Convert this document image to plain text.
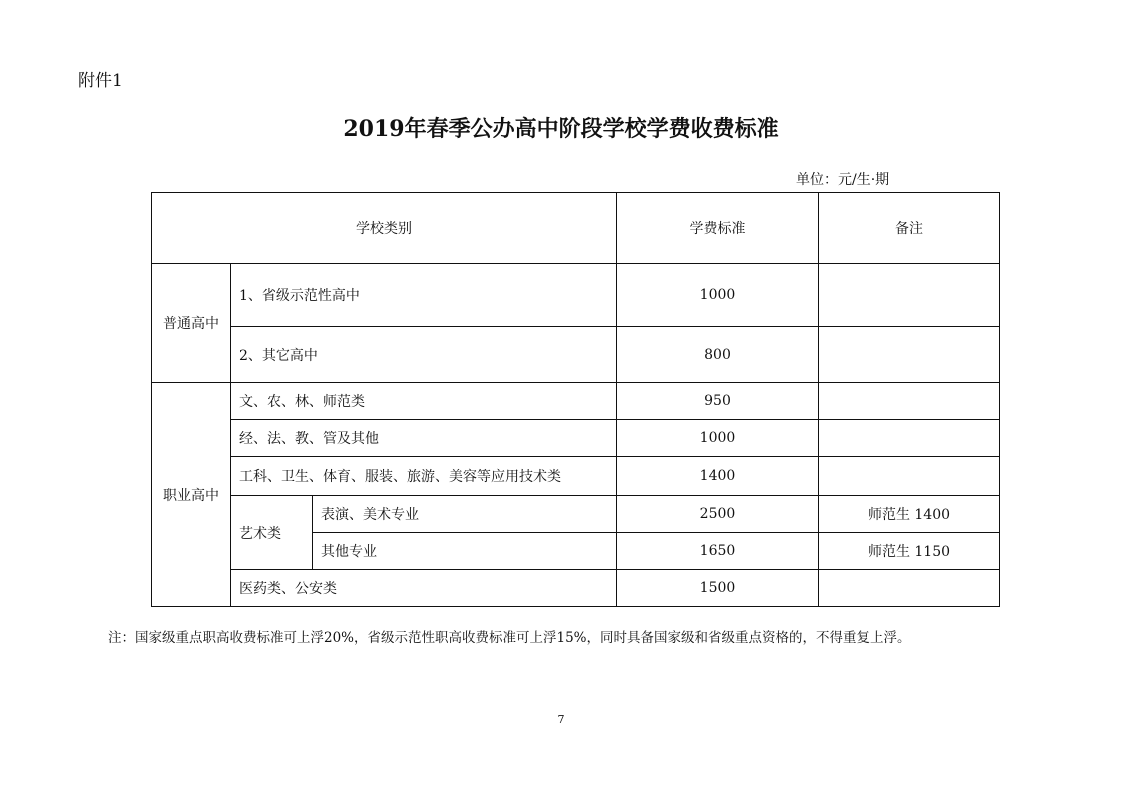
附件1
2019年春季公办高中阶段学校学费收费标准
单位：元/生·期
学校类别			学费标准	备注
普通高中	1、省级示范性高中		1000	
	2、其它高中		800	
职业高中	文、农、林、师范类		950	
	经、法、教、管及其他		1000	
	工科、卫生、体育、服装、旅游、美容等应用技术类		1400	
	艺术类	表演、美术专业	2500	师范生 1400
		其他专业	1650	师范生 1150
	医药类、公安类		1500	
注：国家级重点职高收费标准可上浮20%，省级示范性职高收费标准可上浮15%，同时具备国家级和省级重点资格的，不得重复上浮。
7
